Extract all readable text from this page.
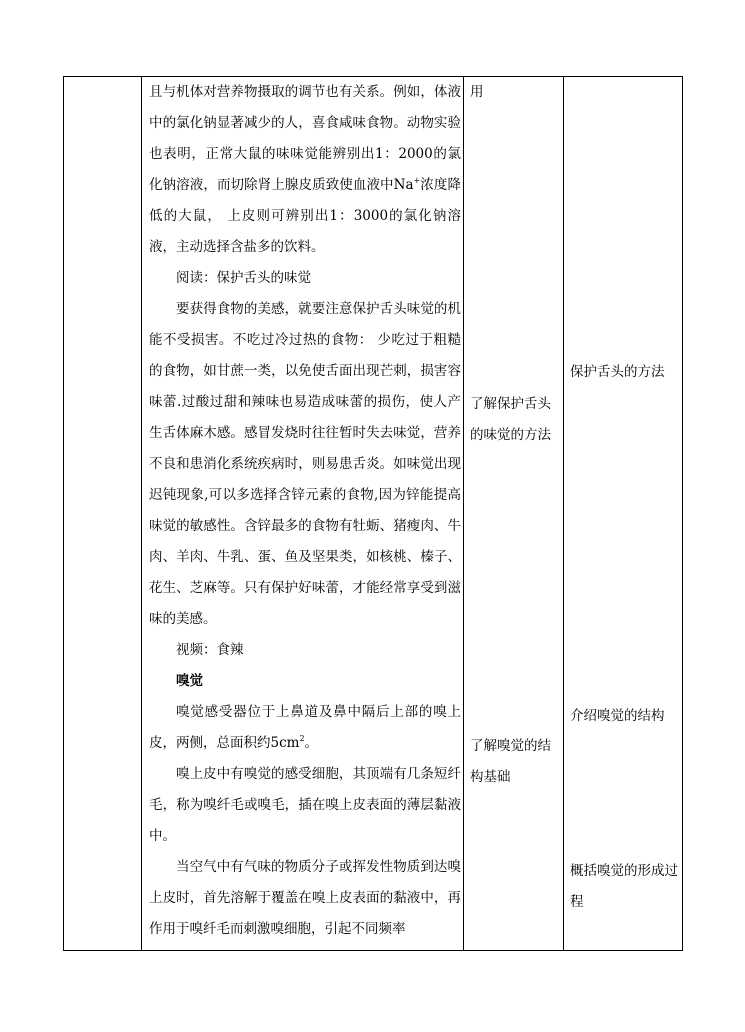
且与机体对营养物摄取的调节也有关系。例如，体液中的氯化钠显著减少的人，喜食咸味食物。动物实验也表明，正常大鼠的味味觉能辨别出1：2000的氯化钠溶液，而切除肾上腺皮质致使血液中Na+浓度降低的大鼠， 上皮则可辨别出1：3000的氯化钠溶液，主动选择含盐多的饮料。

阅读：保护舌头的味觉

要获得食物的美感，就要注意保护舌头味觉的机能不受损害。不吃过冷过热的食物： 少吃过于粗糙的食物，如甘蔗一类，以免使舌面出现芒刺，损害容味蕾.过酸过甜和辣味也易造成味蕾的损伤，使人产生舌体麻木感。感冒发烧时往往暂时失去味觉，营养不良和患消化系统疾病时，则易患舌炎。如味觉出现迟钝现象,可以多选择含锌元素的食物,因为锌能提高味觉的敏感性。含锌最多的食物有牡蛎、猪瘦肉、牛肉、羊肉、牛乳、蛋、鱼及坚果类，如核桃、榛子、花生、芝麻等。只有保护好味蕾，才能经常享受到滋味的美感。

视频：食辣

嗅觉

嗅觉感受器位于上鼻道及鼻中隔后上部的嗅上皮，两侧，总面积约$5cm^2$。

嗅上皮中有嗅觉的感受细胞，其顶端有几条短纤毛，称为嗅纤毛或嗅毛，插在嗅上皮表面的薄层黏液中。

当空气中有气味的物质分子或挥发性物质到达嗅上皮时，首先溶解于覆盖在嗅上皮表面的黏液中，再作用于嗅纤毛而刺激嗅细胞，引起不同频率

用
了解保护舌头的味觉的方法
了解嗅觉的结构基础
保护舌头的方法
介绍嗅觉的结构
概括嗅觉的形成过程
